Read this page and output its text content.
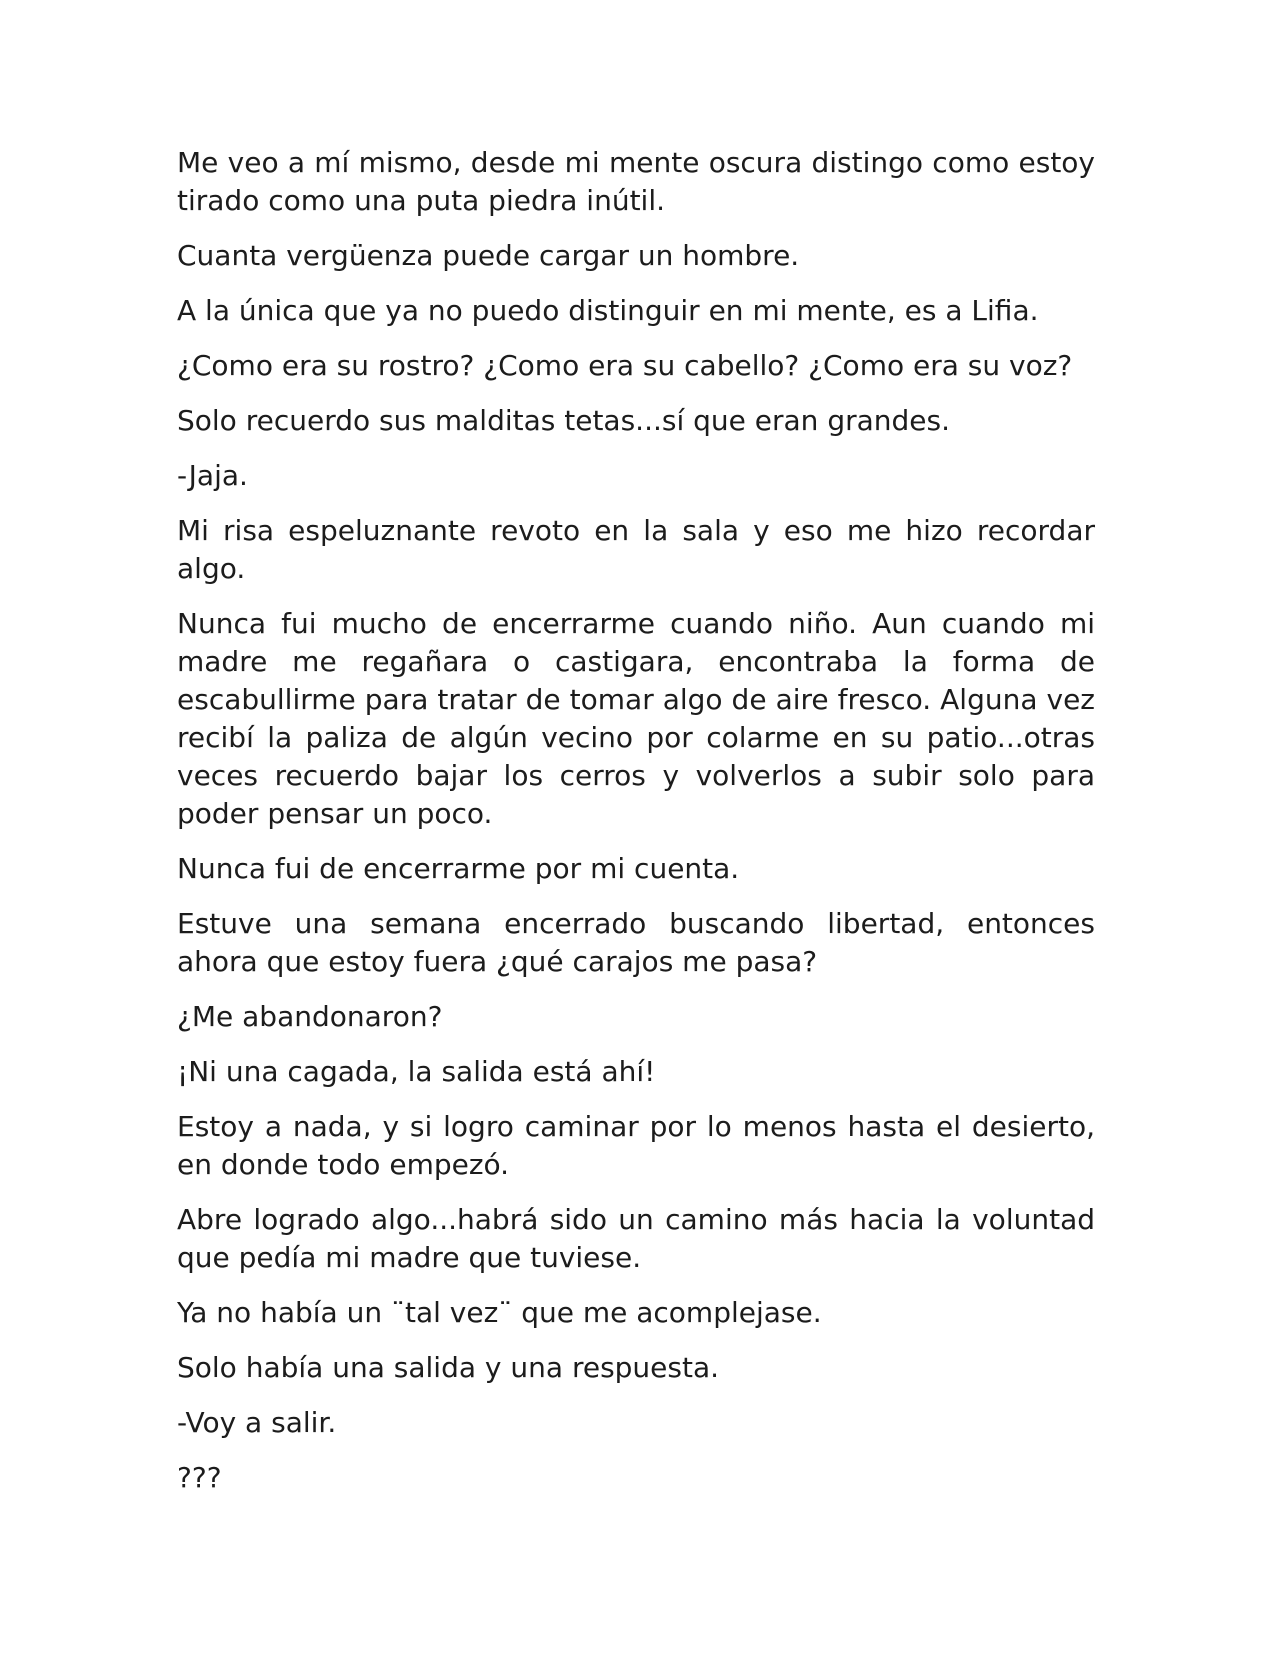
Me veo a mí mismo, desde mi mente oscura distingo como estoy tirado como una puta piedra inútil.

Cuanta vergüenza puede cargar un hombre.

A la única que ya no puedo distinguir en mi mente, es a Lifia.

¿Como era su rostro? ¿Como era su cabello? ¿Como era su voz?

Solo recuerdo sus malditas tetas...sí que eran grandes.

-Jaja.

Mi risa espeluznante revoto en la sala y eso me hizo recordar algo.

Nunca fui mucho de encerrarme cuando niño. Aun cuando mi madre me regañara o castigara, encontraba la forma de escabullirme para tratar de tomar algo de aire fresco. Alguna vez recibí la paliza de algún vecino por colarme en su patio...otras veces recuerdo bajar los cerros y volverlos a subir solo para poder pensar un poco.

Nunca fui de encerrarme por mi cuenta.

Estuve una semana encerrado buscando libertad, entonces ahora que estoy fuera ¿qué carajos me pasa?

¿Me abandonaron?

¡Ni una cagada, la salida está ahí!

Estoy a nada, y si logro caminar por lo menos hasta el desierto, en donde todo empezó.

Abre logrado algo...habrá sido un camino más hacia la voluntad que pedía mi madre que tuviese.

Ya no había un ¨tal vez¨ que me acomplejase.

Solo había una salida y una respuesta.

-Voy a salir.

???
